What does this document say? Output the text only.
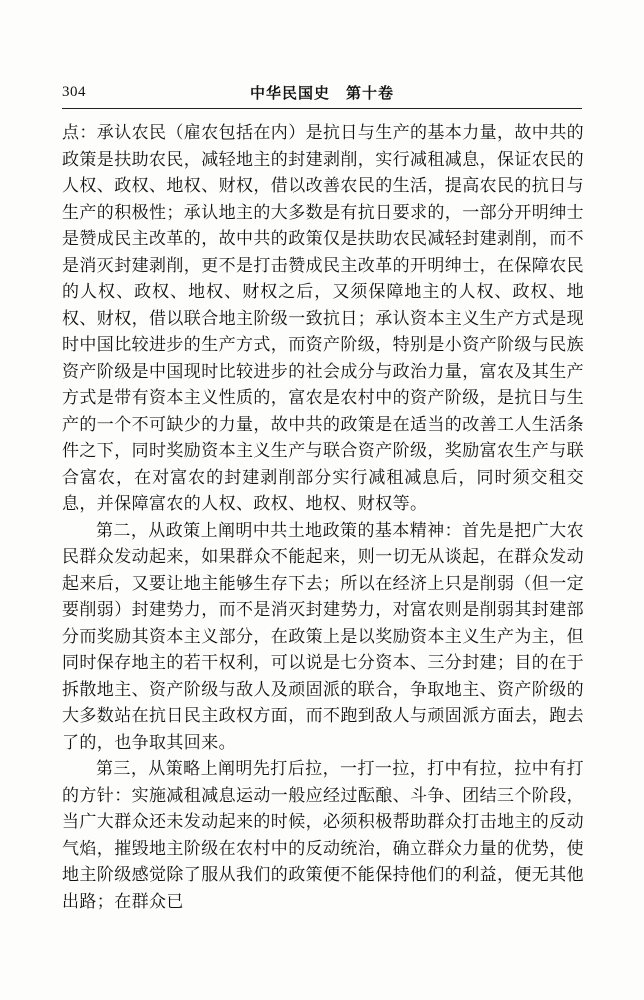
304	中华民国史　第十卷

点：承认农民（雇农包括在内）是抗日与生产的基本力量，故中共的政策是扶助农民，减轻地主的封建剥削，实行减租减息，保证农民的人权、政权、地权、财权，借以改善农民的生活，提高农民的抗日与生产的积极性；承认地主的大多数是有抗日要求的，一部分开明绅士是赞成民主改革的，故中共的政策仅是扶助农民减轻封建剥削，而不是消灭封建剥削，更不是打击赞成民主改革的开明绅士，在保障农民的人权、政权、地权、财权之后，又须保障地主的人权、政权、地权、财权，借以联合地主阶级一致抗日；承认资本主义生产方式是现时中国比较进步的生产方式，而资产阶级，特别是小资产阶级与民族资产阶级是中国现时比较进步的社会成分与政治力量，富农及其生产方式是带有资本主义性质的，富农是农村中的资产阶级，是抗日与生产的一个不可缺少的力量，故中共的政策是在适当的改善工人生活条件之下，同时奖励资本主义生产与联合资产阶级，奖励富农生产与联合富农，在对富农的封建剥削部分实行减租减息后，同时须交租交息，并保障富农的人权、政权、地权、财权等。

第二，从政策上阐明中共土地政策的基本精神：首先是把广大农民群众发动起来，如果群众不能起来，则一切无从谈起，在群众发动起来后，又要让地主能够生存下去；所以在经济上只是削弱（但一定要削弱）封建势力，而不是消灭封建势力，对富农则是削弱其封建部分而奖励其资本主义部分，在政策上是以奖励资本主义生产为主，但同时保存地主的若干权利，可以说是七分资本、三分封建；目的在于拆散地主、资产阶级与敌人及顽固派的联合，争取地主、资产阶级的大多数站在抗日民主政权方面，而不跑到敌人与顽固派方面去，跑去了的，也争取其回来。

第三，从策略上阐明先打后拉，一打一拉，打中有拉，拉中有打的方针：实施减租减息运动一般应经过酝酿、斗争、团结三个阶段，当广大群众还未发动起来的时候，必须积极帮助群众打击地主的反动气焰，摧毁地主阶级在农村中的反动统治，确立群众力量的优势，使地主阶级感觉除了服从我们的政策便不能保持他们的利益，便无其他出路；在群众已
